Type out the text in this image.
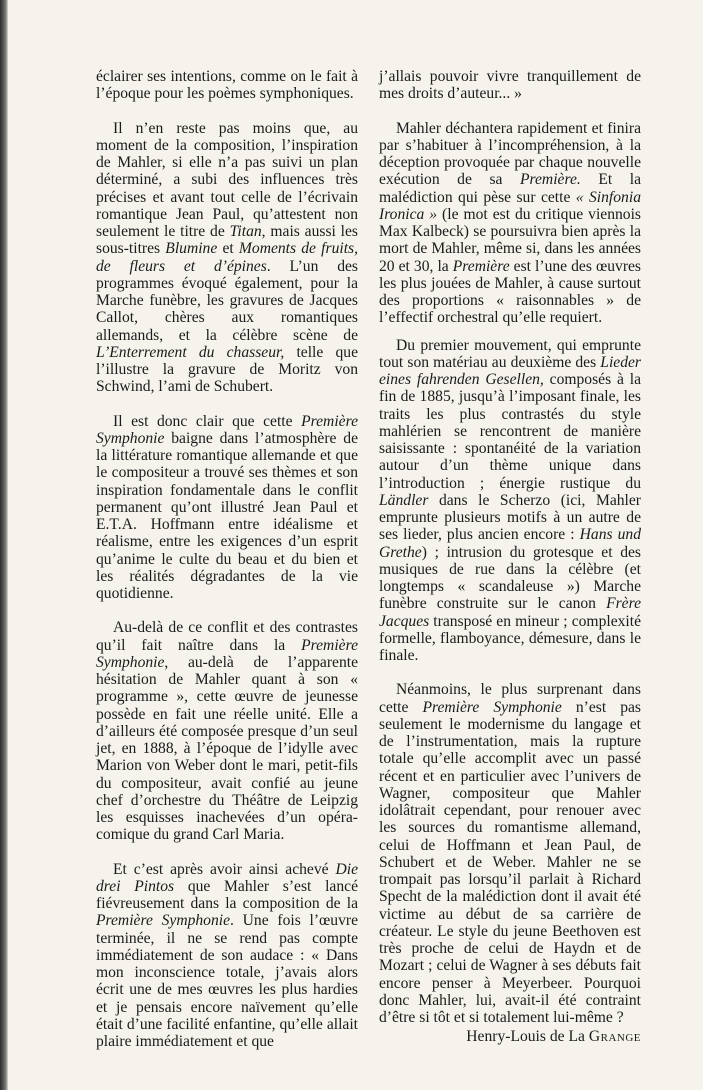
éclairer ses intentions, comme on le fait à l’époque pour les poèmes symphoniques.

Il n’en reste pas moins que, au moment de la composition, l’inspiration de Mahler, si elle n’a pas suivi un plan déterminé, a subi des influences très précises et avant tout celle de l’écrivain romantique Jean Paul, qu’attestent non seulement le titre de Titan, mais aussi les sous-titres Blumine et Moments de fruits, de fleurs et d’épines. L’un des programmes évoqué également, pour la Marche funèbre, les gravures de Jacques Callot, chères aux romantiques allemands, et la célèbre scène de L’Enterrement du chasseur, telle que l’illustre la gravure de Moritz von Schwind, l’ami de Schubert.

Il est donc clair que cette Première Symphonie baigne dans l’atmosphère de la littérature romantique allemande et que le compositeur a trouvé ses thèmes et son inspiration fondamentale dans le conflit permanent qu’ont illustré Jean Paul et E.T.A. Hoffmann entre idéalisme et réalisme, entre les exigences d’un esprit qu’anime le culte du beau et du bien et les réalités dégradantes de la vie quotidienne.

Au-delà de ce conflit et des contrastes qu’il fait naître dans la Première Symphonie, au-delà de l’apparente hésitation de Mahler quant à son « programme », cette œuvre de jeunesse possède en fait une réelle unité. Elle a d’ailleurs été composée presque d’un seul jet, en 1888, à l’époque de l’idylle avec Marion von Weber dont le mari, petit-fils du compositeur, avait confié au jeune chef d’orchestre du Théâtre de Leipzig les esquisses inachevées d’un opéra-comique du grand Carl Maria.

Et c’est après avoir ainsi achevé Die drei Pintos que Mahler s’est lancé fiévreusement dans la composition de la Première Symphonie. Une fois l’œuvre terminée, il ne se rend pas compte immédiatement de son audace : « Dans mon inconscience totale, j’avais alors écrit une de mes œuvres les plus hardies et je pensais encore naïvement qu’elle était d’une facilité enfantine, qu’elle allait plaire immédiatement et que

j’allais pouvoir vivre tranquillement de mes droits d’auteur... »

Mahler déchantera rapidement et finira par s’habituer à l’incompréhension, à la déception provoquée par chaque nouvelle exécution de sa Première. Et la malédiction qui pèse sur cette « Sinfonia Ironica » (le mot est du critique viennois Max Kalbeck) se poursuivra bien après la mort de Mahler, même si, dans les années 20 et 30, la Première est l’une des œuvres les plus jouées de Mahler, à cause surtout des proportions « raisonnables » de l’effectif orchestral qu’elle requiert.

Du premier mouvement, qui emprunte tout son matériau au deuxième des Lieder eines fahrenden Gesellen, composés à la fin de 1885, jusqu’à l’imposant finale, les traits les plus contrastés du style mahlérien se rencontrent de manière saisissante : spontanéité de la variation autour d’un thème unique dans l’introduction ; énergie rustique du Ländler dans le Scherzo (ici, Mahler emprunte plusieurs motifs à un autre de ses lieder, plus ancien encore : Hans und Grethe) ; intrusion du grotesque et des musiques de rue dans la célèbre (et longtemps « scandaleuse ») Marche funèbre construite sur le canon Frère Jacques transposé en mineur ; complexité formelle, flamboyance, démesure, dans le finale.

Néanmoins, le plus surprenant dans cette Première Symphonie n’est pas seulement le modernisme du langage et de l’instrumentation, mais la rupture totale qu’elle accomplit avec un passé récent et en particulier avec l’univers de Wagner, compositeur que Mahler idolâtrait cependant, pour renouer avec les sources du romantisme allemand, celui de Hoffmann et Jean Paul, de Schubert et de Weber. Mahler ne se trompait pas lorsqu’il parlait à Richard Specht de la malédiction dont il avait été victime au début de sa carrière de créateur. Le style du jeune Beethoven est très proche de celui de Haydn et de Mozart ; celui de Wagner à ses débuts fait encore penser à Meyerbeer. Pourquoi donc Mahler, lui, avait-il été contraint d’être si tôt et si totalement lui-même ?

Henry-Louis de La Grange
